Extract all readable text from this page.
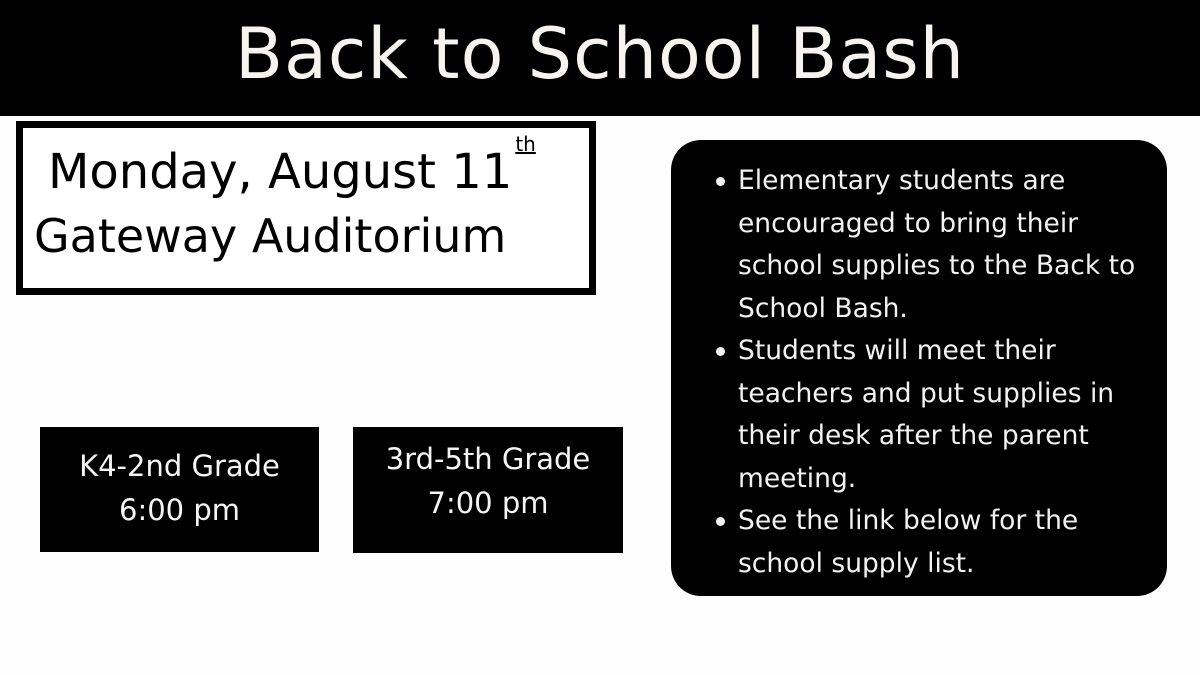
Back to School Bash
Monday, August 11 $^{th}$
Gateway Auditorium
K4-2nd Grade
6:00 pm
3rd-5th Grade
7:00 pm
Elementary students are encouraged to bring their school supplies to the Back to School Bash.
Students will meet their teachers and put supplies in their desk after the parent meeting.
See the link below for the school supply list.
